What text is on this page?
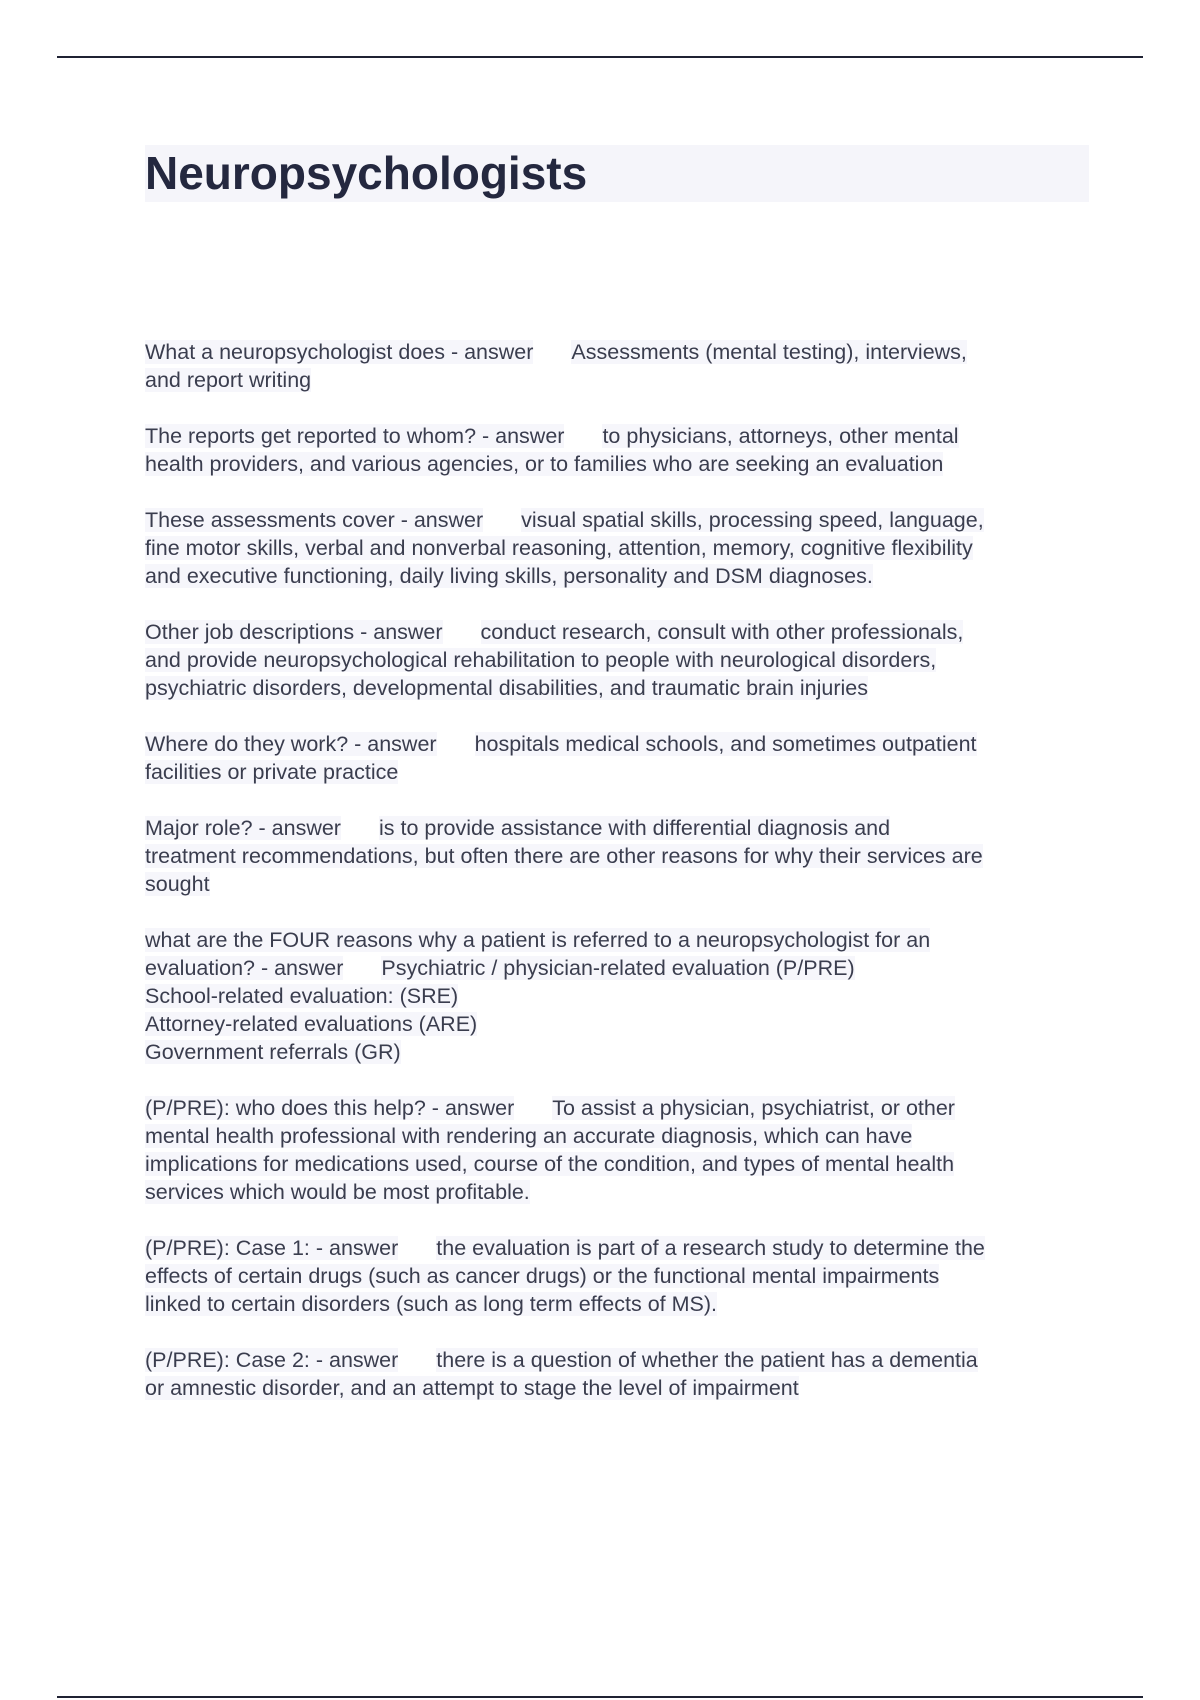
Neuropsychologists

What a neuropsychologist does - answer Assessments (mental testing), interviews,
and report writing

The reports get reported to whom? - answer to physicians, attorneys, other mental
health providers, and various agencies, or to families who are seeking an evaluation

These assessments cover - answer visual spatial skills, processing speed, language,
fine motor skills, verbal and nonverbal reasoning, attention, memory, cognitive flexibility
and executive functioning, daily living skills, personality and DSM diagnoses.

Other job descriptions - answer conduct research, consult with other professionals,
and provide neuropsychological rehabilitation to people with neurological disorders,
psychiatric disorders, developmental disabilities, and traumatic brain injuries

Where do they work? - answer hospitals medical schools, and sometimes outpatient
facilities or private practice

Major role? - answer is to provide assistance with differential diagnosis and
treatment recommendations, but often there are other reasons for why their services are
sought

what are the FOUR reasons why a patient is referred to a neuropsychologist for an
evaluation? - answer Psychiatric / physician-related evaluation (P/PRE)
School-related evaluation: (SRE)
Attorney-related evaluations (ARE)
Government referrals (GR)

(P/PRE): who does this help? - answer To assist a physician, psychiatrist, or other
mental health professional with rendering an accurate diagnosis, which can have
implications for medications used, course of the condition, and types of mental health
services which would be most profitable.

(P/PRE): Case 1: - answer the evaluation is part of a research study to determine the
effects of certain drugs (such as cancer drugs) or the functional mental impairments
linked to certain disorders (such as long term effects of MS).

(P/PRE): Case 2: - answer there is a question of whether the patient has a dementia
or amnestic disorder, and an attempt to stage the level of impairment
